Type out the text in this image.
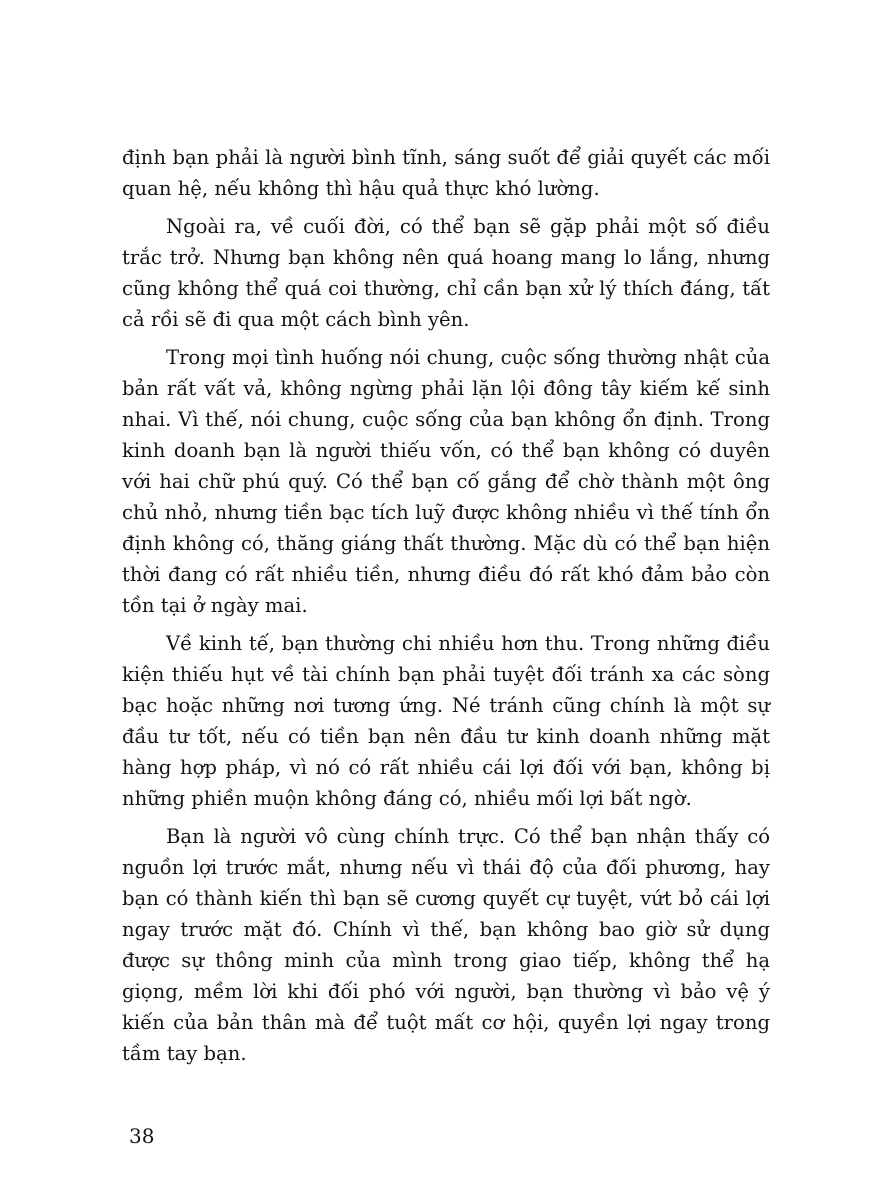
định bạn phải là người bình tĩnh, sáng suốt để giải quyết các mối quan hệ, nếu không thì hậu quả thực khó lường.

Ngoài ra, về cuối đời, có thể bạn sẽ gặp phải một số điều trắc trở. Nhưng bạn không nên quá hoang mang lo lắng, nhưng cũng không thể quá coi thường, chỉ cần bạn xử lý thích đáng, tất cả rồi sẽ đi qua một cách bình yên.

Trong mọi tình huống nói chung, cuộc sống thường nhật của bản rất vất vả, không ngừng phải lặn lội đông tây kiếm kế sinh nhai. Vì thế, nói chung, cuộc sống của bạn không ổn định. Trong kinh doanh bạn là người thiếu vốn, có thể bạn không có duyên với hai chữ phú quý. Có thể bạn cố gắng để chờ thành một ông chủ nhỏ, nhưng tiền bạc tích luỹ được không nhiều vì thế tính ổn định không có, thăng giáng thất thường. Mặc dù có thể bạn hiện thời đang có rất nhiều tiền, nhưng điều đó rất khó đảm bảo còn tồn tại ở ngày mai.

Về kinh tế, bạn thường chi nhiều hơn thu. Trong những điều kiện thiếu hụt về tài chính bạn phải tuyệt đối tránh xa các sòng bạc hoặc những nơi tương ứng. Né tránh cũng chính là một sự đầu tư tốt, nếu có tiền bạn nên đầu tư kinh doanh những mặt hàng hợp pháp, vì nó có rất nhiều cái lợi đối với bạn, không bị những phiền muộn không đáng có, nhiều mối lợi bất ngờ.

Bạn là người vô cùng chính trực. Có thể bạn nhận thấy có nguồn lợi trước mắt, nhưng nếu vì thái độ của đối phương, hay bạn có thành kiến thì bạn sẽ cương quyết cự tuyệt, vứt bỏ cái lợi ngay trước mặt đó. Chính vì thế, bạn không bao giờ sử dụng được sự thông minh của mình trong giao tiếp, không thể hạ giọng, mềm lời khi đối phó với người, bạn thường vì bảo vệ ý kiến của bản thân mà để tuột mất cơ hội, quyền lợi ngay trong tầm tay bạn.

38
